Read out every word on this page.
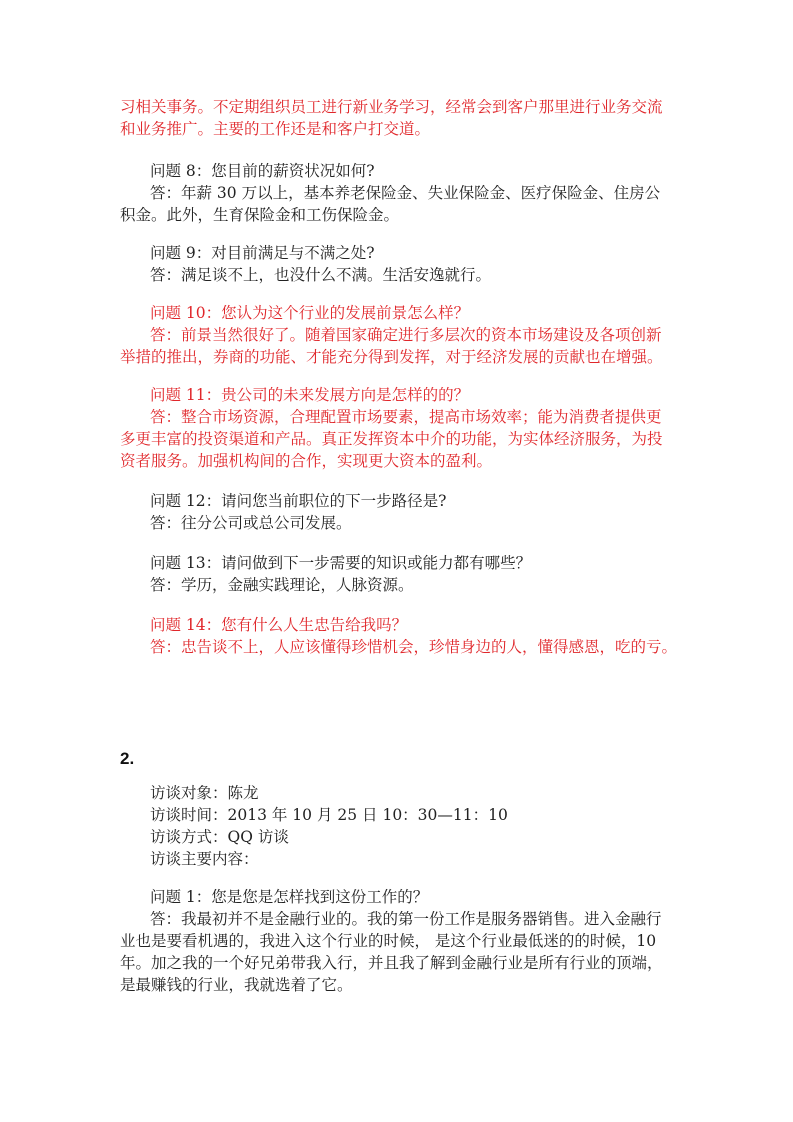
习相关事务。不定期组织员工进行新业务学习，经常会到客户那里进行业务交流
和业务推广。主要的工作还是和客户打交道。
问题 8：您目前的薪资状况如何?
答：年薪 30 万以上，基本养老保险金、失业保险金、医疗保险金、住房公
积金。此外，生育保险金和工伤保险金。
问题 9：对目前满足与不满之处?
答：满足谈不上，也没什么不满。生活安逸就行。
问题 10：您认为这个行业的发展前景怎么样？
答：前景当然很好了。随着国家确定进行多层次的资本市场建设及各项创新
举措的推出，券商的功能、才能充分得到发挥，对于经济发展的贡献也在增强。
问题 11：贵公司的未来发展方向是怎样的的？
答：整合市场资源，合理配置市场要素，提高市场效率；能为消费者提供更
多更丰富的投资渠道和产品。真正发挥资本中介的功能，为实体经济服务，为投
资者服务。加强机构间的合作，实现更大资本的盈利。
问题 12：请问您当前职位的下一步路径是?
答：往分公司或总公司发展。
问题 13：请问做到下一步需要的知识或能力都有哪些？
答：学历，金融实践理论，人脉资源。
问题 14：您有什么人生忠告给我吗？
答：忠告谈不上，人应该懂得珍惜机会，珍惜身边的人，懂得感恩，吃的亏。
2.
访谈对象：陈龙
访谈时间：2013 年 10 月 25 日 10：30—11：10
访谈方式：QQ 访谈
访谈主要内容：
问题 1：您是您是怎样找到这份工作的？
答：我最初并不是金融行业的。我的第一份工作是服务器销售。进入金融行
业也是要看机遇的，我进入这个行业的时候， 是这个行业最低迷的的时候，10
年。加之我的一个好兄弟带我入行，并且我了解到金融行业是所有行业的顶端，
是最赚钱的行业，我就选着了它。
